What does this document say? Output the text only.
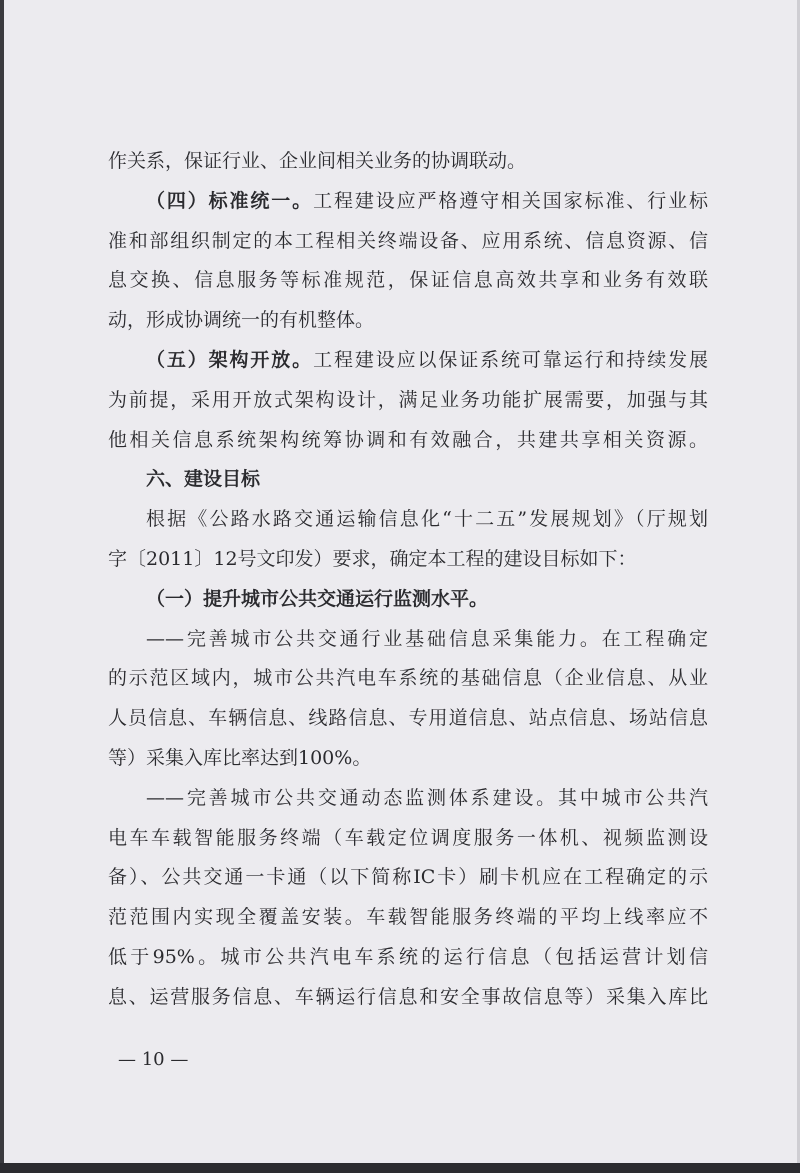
作关系，保证行业、企业间相关业务的协调联动。
（四）标准统一。工程建设应严格遵守相关国家标准、行业标
准和部组织制定的本工程相关终端设备、应用系统、信息资源、信
息交换、信息服务等标准规范，保证信息高效共享和业务有效联
动，形成协调统一的有机整体。
（五）架构开放。工程建设应以保证系统可靠运行和持续发展
为前提，采用开放式架构设计，满足业务功能扩展需要，加强与其
他相关信息系统架构统筹协调和有效融合，共建共享相关资源。
六、建设目标
根据《公路水路交通运输信息化“十二五”发展规划》（厅规划
字〔2011〕12号文印发）要求，确定本工程的建设目标如下：
（一）提升城市公共交通运行监测水平。
——完善城市公共交通行业基础信息采集能力。在工程确定
的示范区域内，城市公共汽电车系统的基础信息（企业信息、从业
人员信息、车辆信息、线路信息、专用道信息、站点信息、场站信息
等）采集入库比率达到100%。
——完善城市公共交通动态监测体系建设。其中城市公共汽
电车车载智能服务终端（车载定位调度服务一体机、视频监测设
备）、公共交通一卡通（以下简称IC卡）刷卡机应在工程确定的示
范范围内实现全覆盖安装。车载智能服务终端的平均上线率应不
低于95%。城市公共汽电车系统的运行信息（包括运营计划信
息、运营服务信息、车辆运行信息和安全事故信息等）采集入库比
— 10 —
